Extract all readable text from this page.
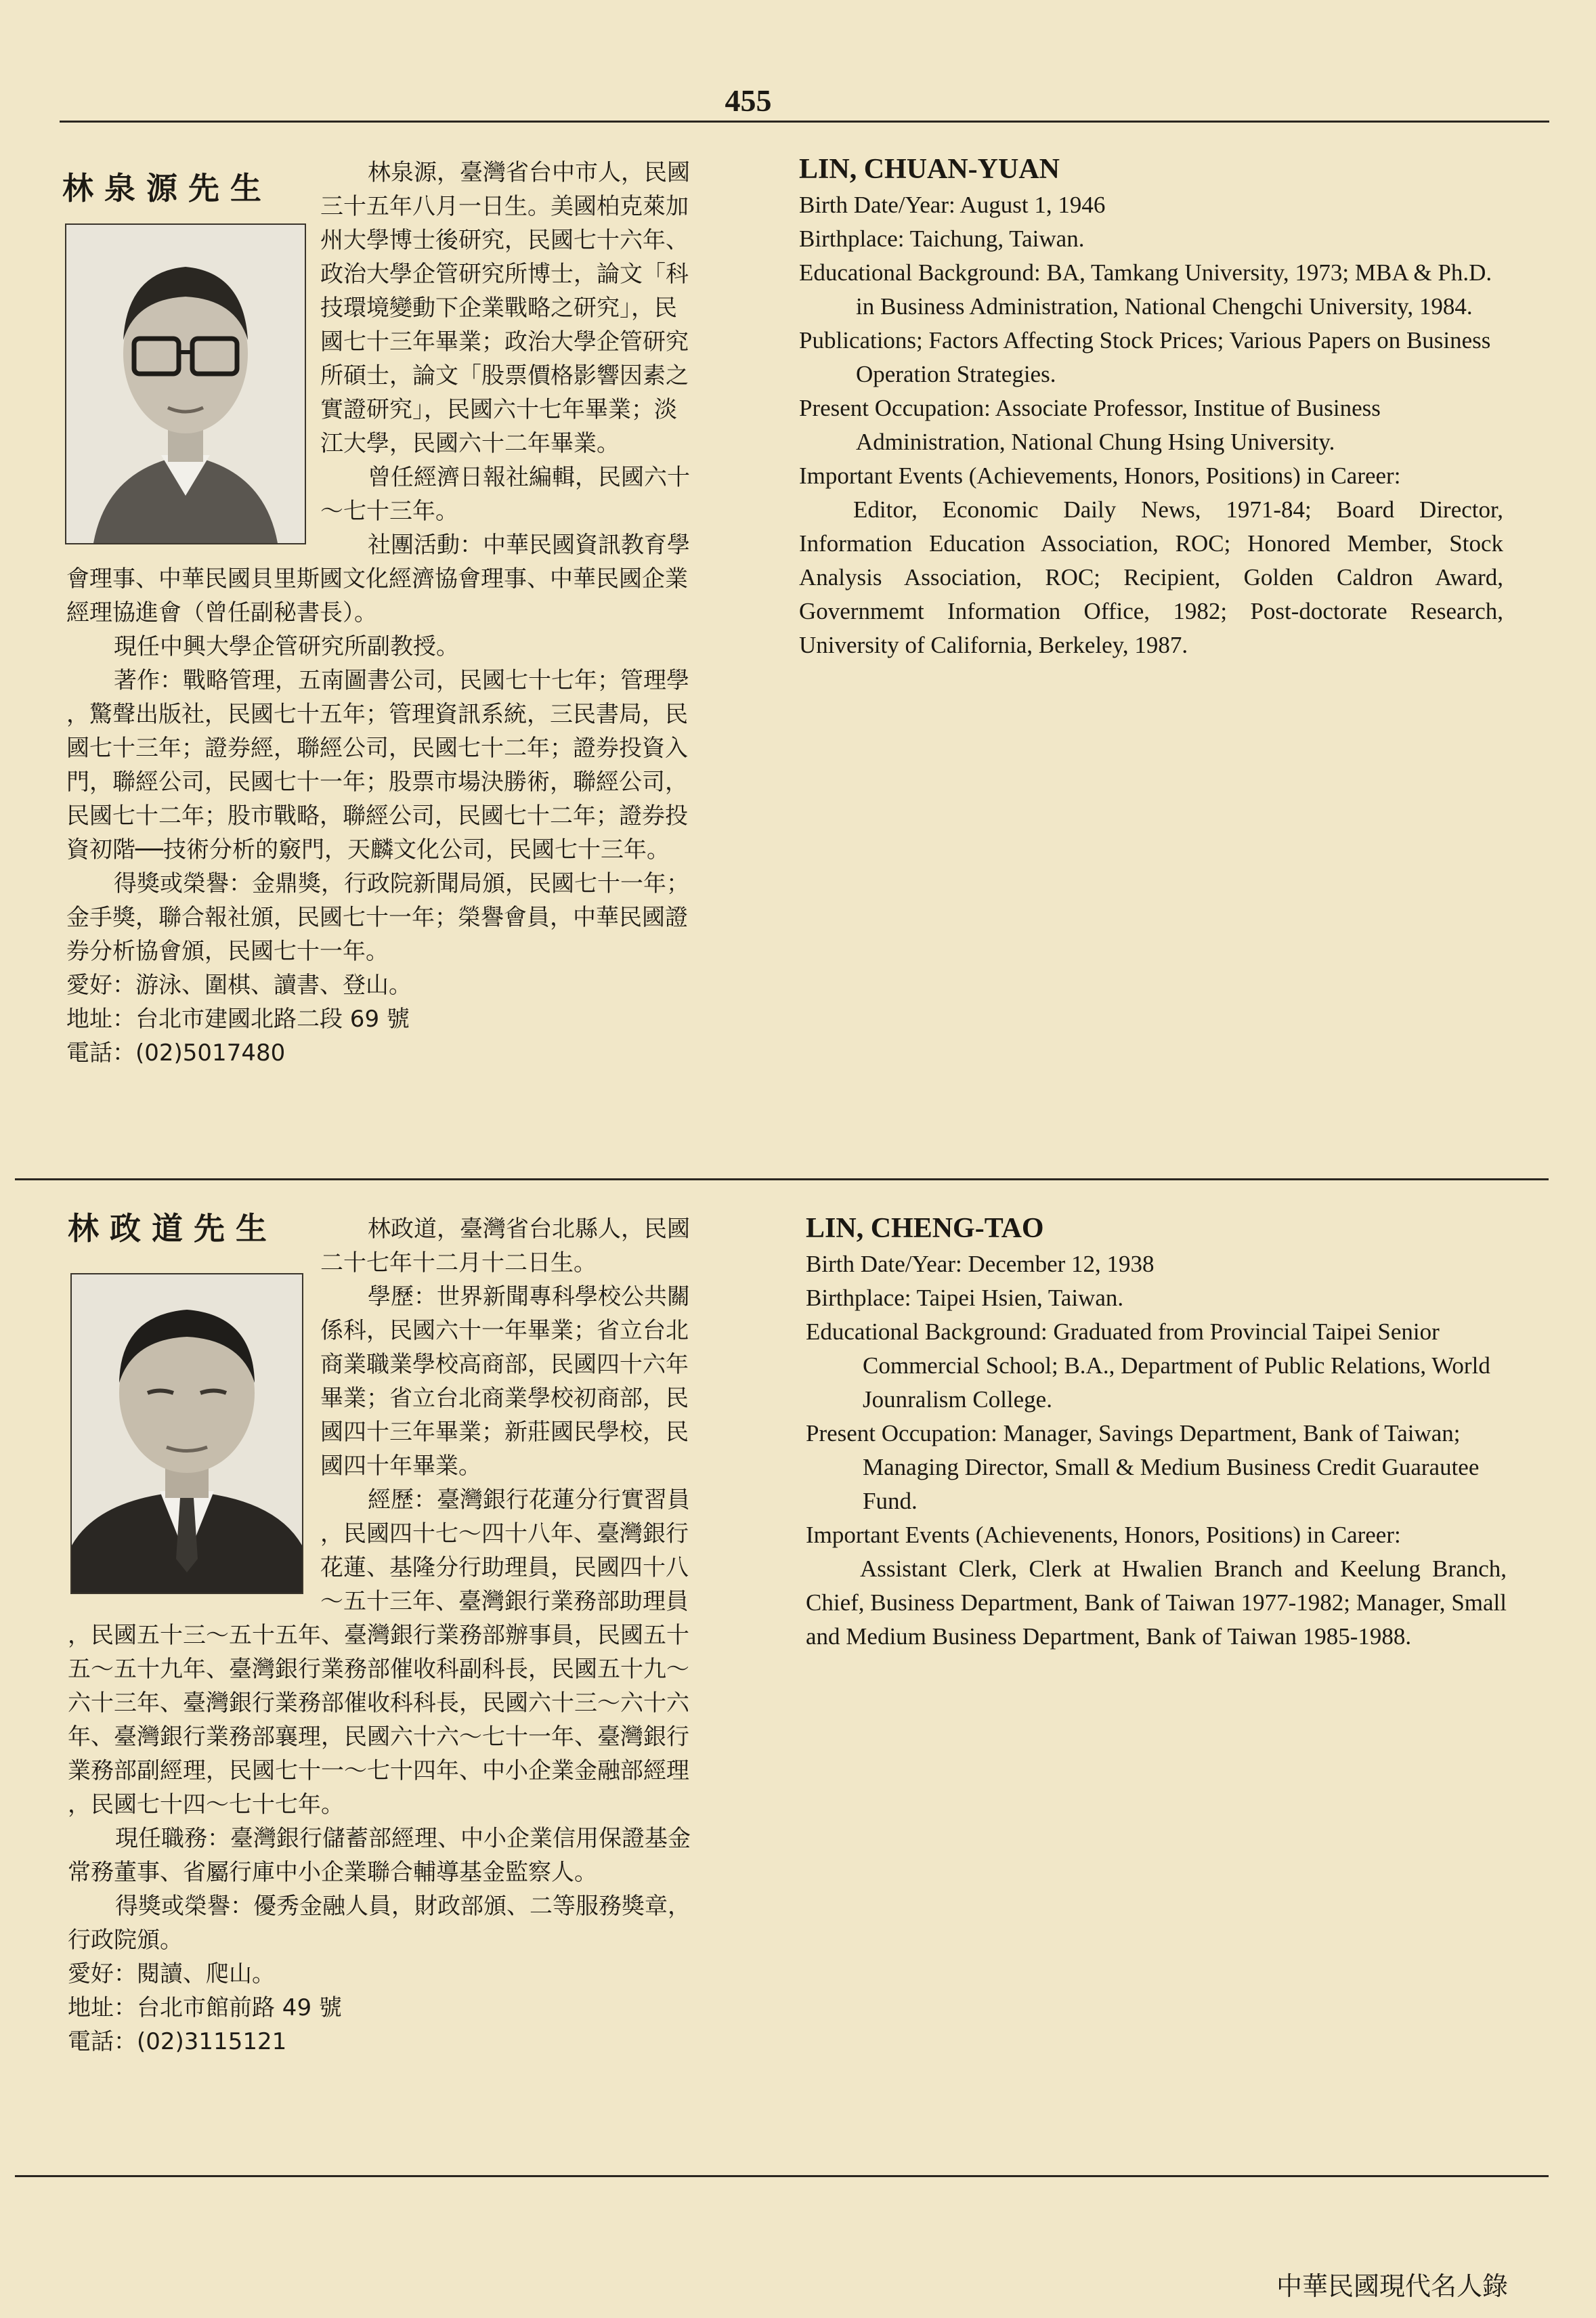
455
林泉源先生	林泉源，臺灣省台中市人，民國

三十五年八月一日生。美國柏克萊加

州大學博士後研究，民國七十六年、

政治大學企管研究所博士，論文「科

技環境變動下企業戰略之研究」，民

國七十三年畢業；政治大學企管研究

所碩士，論文「股票價格影響因素之

實證研究」，民國六十七年畢業；淡

江大學，民國六十二年畢業。

曾任經濟日報社編輯，民國六十

～七十三年。

社團活動：中華民國資訊教育學

會理事、中華民國貝里斯國文化經濟協會理事、中華民國企業

經理協進會（曾任副秘書長）。

現任中興大學企管研究所副教授。

著作：戰略管理，五南圖書公司，民國七十七年；管理學

，驚聲出版社，民國七十五年；管理資訊系統，三民書局，民

國七十三年；證券經，聯經公司，民國七十二年；證券投資入

門，聯經公司，民國七十一年；股票市場決勝術，聯經公司，

民國七十二年；股市戰略，聯經公司，民國七十二年；證券投

資初階──技術分析的竅門，天麟文化公司，民國七十三年。

得獎或榮譽：金鼎獎，行政院新聞局頒，民國七十一年；

金手獎，聯合報社頒，民國七十一年；榮譽會員，中華民國證

券分析協會頒，民國七十一年。

愛好：游泳、圍棋、讀書、登山。

地址：台北市建國北路二段 69 號

電話：(02)5017480

LIN, CHUAN-YUAN

Birth Date/Year: August 1, 1946

Birthplace: Taichung, Taiwan.

Educational Background: BA, Tamkang University, 1973; MBA & Ph.D. in Business Administration, National Chengchi University, 1984.

Publications; Factors Affecting Stock Prices; Various Papers on Business Operation Strategies.

Present Occupation: Associate Professor, Institue of Business Administration, National Chung Hsing University.

Important Events (Achievements, Honors, Positions) in Career:

Editor, Economic Daily News, 1971-84; Board Director, Information Education Association, ROC; Honored Member, Stock Analysis Association, ROC; Recipient, Golden Caldron Award, Governmemt Information Office, 1982; Post-doctorate Research, University of California, Berkeley, 1987.

林政道先生	林政道，臺灣省台北縣人，民國

二十七年十二月十二日生。

學歷：世界新聞專科學校公共關

係科，民國六十一年畢業；省立台北

商業職業學校高商部，民國四十六年

畢業；省立台北商業學校初商部，民

國四十三年畢業；新莊國民學校，民

國四十年畢業。

經歷：臺灣銀行花蓮分行實習員

，民國四十七～四十八年、臺灣銀行

花蓮、基隆分行助理員，民國四十八

～五十三年、臺灣銀行業務部助理員

，民國五十三～五十五年、臺灣銀行業務部辦事員，民國五十

五～五十九年、臺灣銀行業務部催收科副科長，民國五十九～

六十三年、臺灣銀行業務部催收科科長，民國六十三～六十六

年、臺灣銀行業務部襄理，民國六十六～七十一年、臺灣銀行

業務部副經理，民國七十一～七十四年、中小企業金融部經理

，民國七十四～七十七年。

現任職務：臺灣銀行儲蓄部經理、中小企業信用保證基金

常務董事、省屬行庫中小企業聯合輔導基金監察人。

得獎或榮譽：優秀金融人員，財政部頒、二等服務獎章，

行政院頒。

愛好：閱讀、爬山。

地址：台北市館前路 49 號

電話：(02)3115121

LIN, CHENG-TAO

Birth Date/Year: December 12, 1938

Birthplace: Taipei Hsien, Taiwan.

Educational Background: Graduated from Provincial Taipei Senior Commercial School; B.A., Department of Public Relations, World Jounralism College.

Present Occupation: Manager, Savings Department, Bank of Taiwan; Managing Director, Small & Medium Business Credit Guarautee Fund.

Important Events (Achievenents, Honors, Positions) in Career:

Assistant Clerk, Clerk at Hwalien Branch and Keelung Branch, Chief, Business Department, Bank of Taiwan 1977-1982; Manager, Small and Medium Business Department, Bank of Taiwan 1985-1988.

中華民國現代名人錄
